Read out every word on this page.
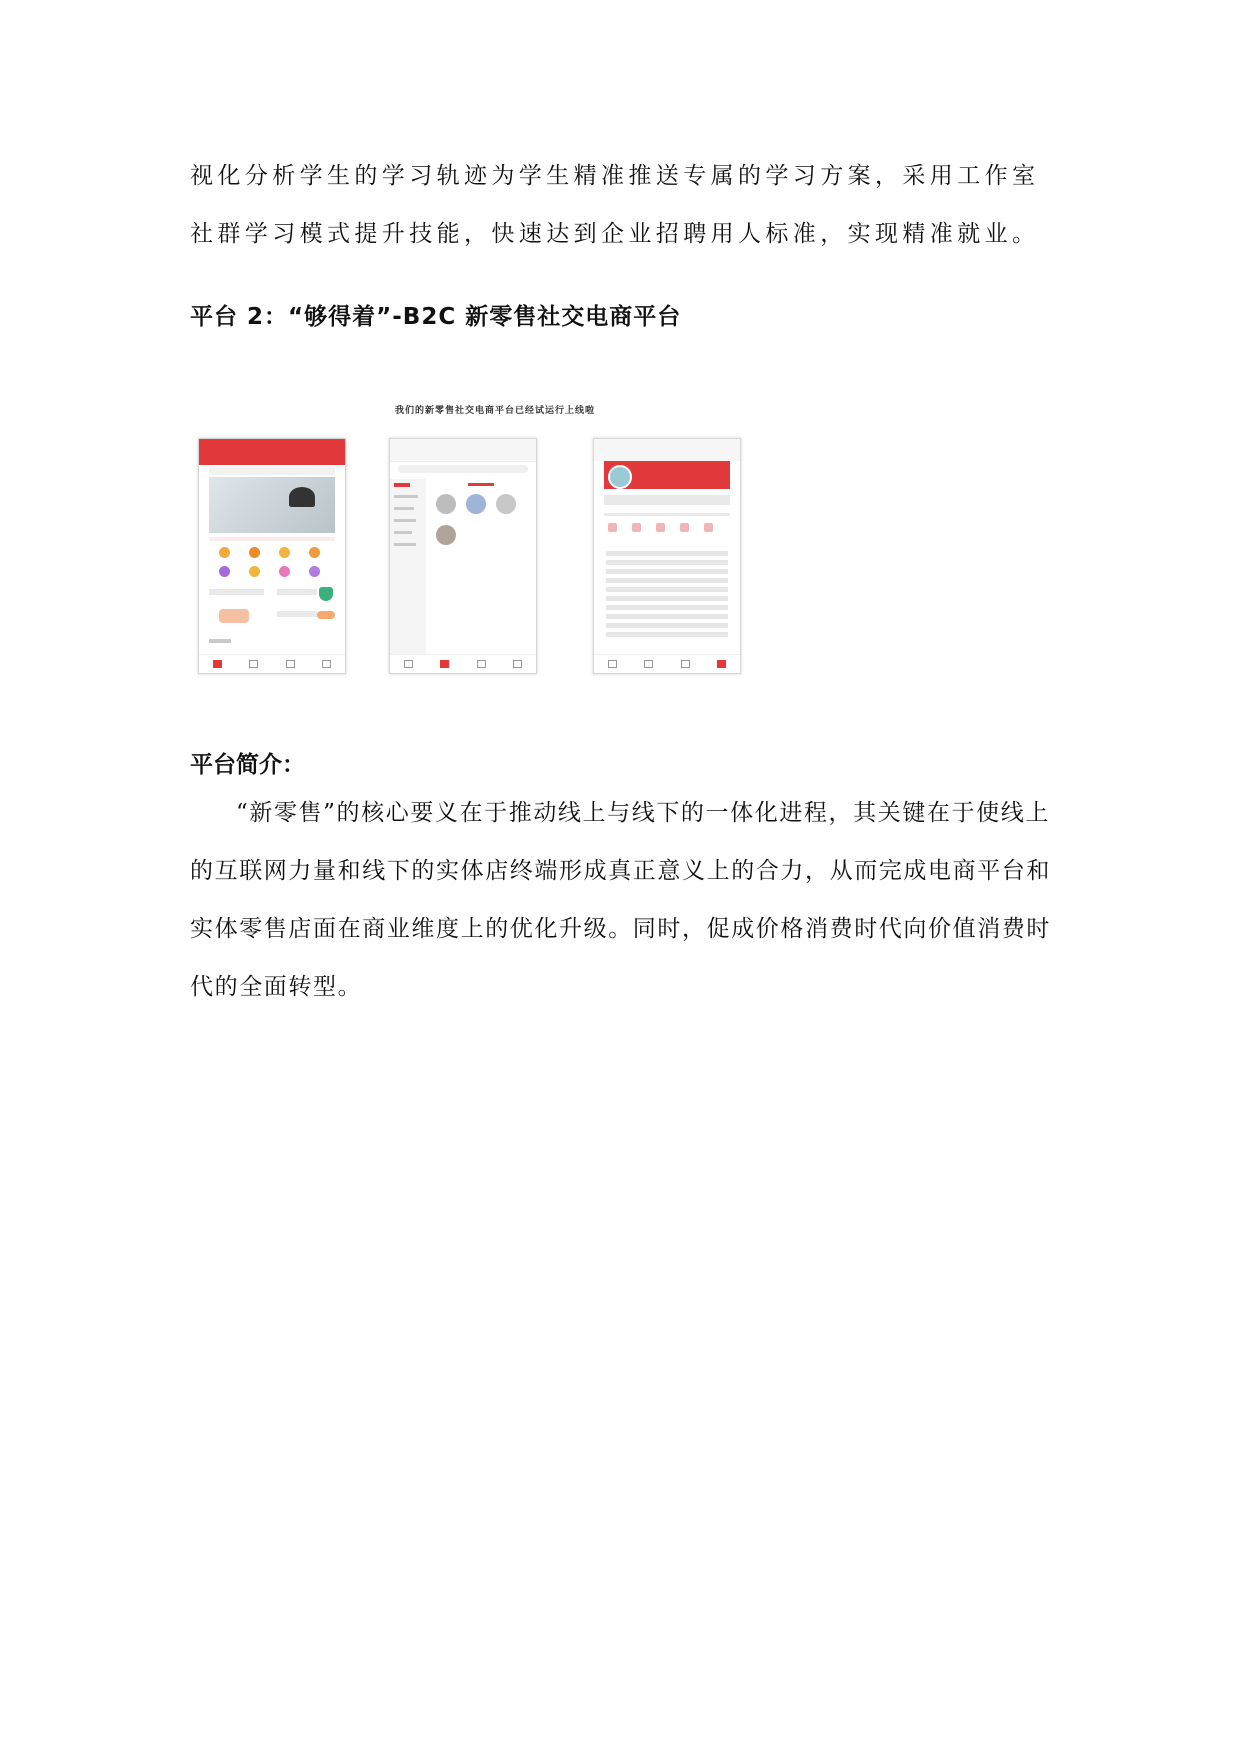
视化分析学生的学习轨迹为学生精准推送专属的学习方案，采用工作室社群学习模式提升技能，快速达到企业招聘用人标准，实现精准就业。

平台 2：“够得着”-B2C 新零售社交电商平台

我们的新零售社交电商平台已经试运行上线啦

平台简介：

“新零售”的核心要义在于推动线上与线下的一体化进程，其关键在于使线上的互联网力量和线下的实体店终端形成真正意义上的合力，从而完成电商平台和实体零售店面在商业维度上的优化升级。同时，促成价格消费时代向价值消费时代的全面转型。
